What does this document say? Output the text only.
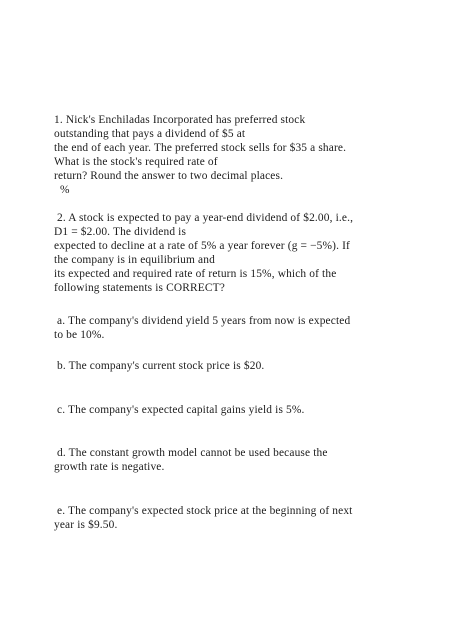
1. Nick's Enchiladas Incorporated has preferred stock
outstanding that pays a dividend of $5 at
the end of each year. The preferred stock sells for $35 a share.
What is the stock's required rate of
return? Round the answer to two decimal places.
%
2. A stock is expected to pay a year-end dividend of $2.00, i.e.,
D1 = $2.00. The dividend is
expected to decline at a rate of 5% a year forever (g = −5%). If
the company is in equilibrium and
its expected and required rate of return is 15%, which of the
following statements is CORRECT?
a. The company's dividend yield 5 years from now is expected
to be 10%.
b. The company's current stock price is $20.
c. The company's expected capital gains yield is 5%.
d. The constant growth model cannot be used because the
growth rate is negative.
e. The company's expected stock price at the beginning of next
year is $9.50.
